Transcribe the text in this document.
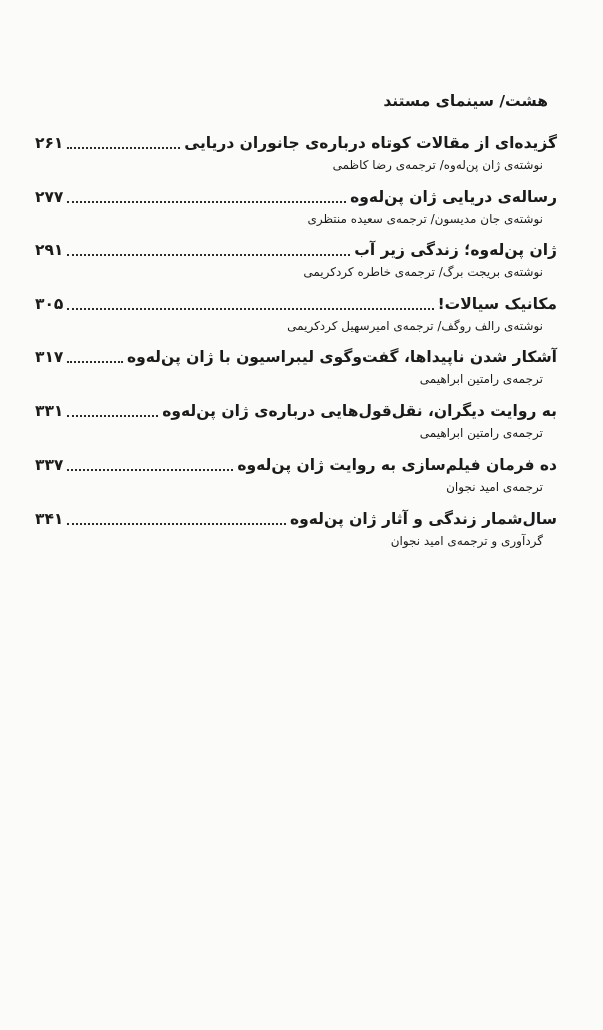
هشت/ سینمای مستند
گزیده‌ای از مقالات کوتاه درباره‌ی جانوران دریایی
۲۶۱
نوشته‌ی ژان پن‌له‌وه/ ترجمه‌ی رضا کاظمی
رساله‌ی دریایی ژان پن‌له‌وه
۲۷۷
نوشته‌ی جان مدیسون/ ترجمه‌ی سعیده منتظری
ژان پن‌له‌وه؛ زندگی زیر آب
۲۹۱
نوشته‌ی بریجت برگ/ ترجمه‌ی خاطره کردکریمی
مکانیک سیالات!
۳۰۵
نوشته‌ی رالف روگف/ ترجمه‌ی امیرسهیل کردکریمی
آشکار شدن ناپیداها، گفت‌وگوی لیبراسیون با ژان پن‌له‌وه
۳۱۷
ترجمه‌ی رامتین ابراهیمی
به روایت دیگران، نقل‌قول‌هایی درباره‌ی ژان پن‌له‌وه
۳۳۱
ترجمه‌ی رامتین ابراهیمی
ده فرمان فیلم‌سازی به روایت ژان پن‌له‌وه
۳۳۷
ترجمه‌ی امید نجوان
سال‌شمار زندگی و آثار ژان پن‌له‌وه
۳۴۱
گردآوری و ترجمه‌ی امید نجوان
